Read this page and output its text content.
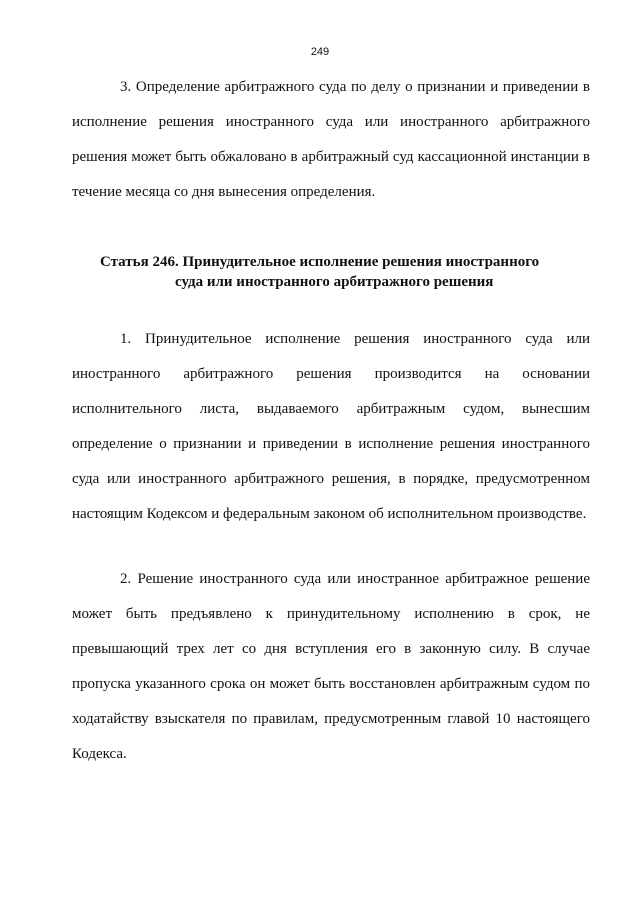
249

3. Определение арбитражного суда по делу о признании и приведении в исполнение решения иностранного суда или иностранного арбитражного решения может быть обжаловано в арбитражный суд кассационной инстанции в течение месяца со дня вынесения определения.

Статья 246. Принудительное исполнение решения иностранного
суда или иностранного арбитражного решения

1. Принудительное исполнение решения иностранного суда или иностранного арбитражного решения производится на основании исполнительного листа, выдаваемого арбитражным судом, вынесшим определение о признании и приведении в исполнение решения иностранного суда или иностранного арбитражного решения, в порядке, предусмотренном настоящим Кодексом и федеральным законом об исполнительном производстве.

2. Решение иностранного суда или иностранное арбитражное решение может быть предъявлено к принудительному исполнению в срок, не превышающий трех лет со дня вступления его в законную силу. В случае пропуска указанного срока он может быть восстановлен арбитражным судом по ходатайству взыскателя по правилам, предусмотренным главой 10 настоящего Кодекса.
